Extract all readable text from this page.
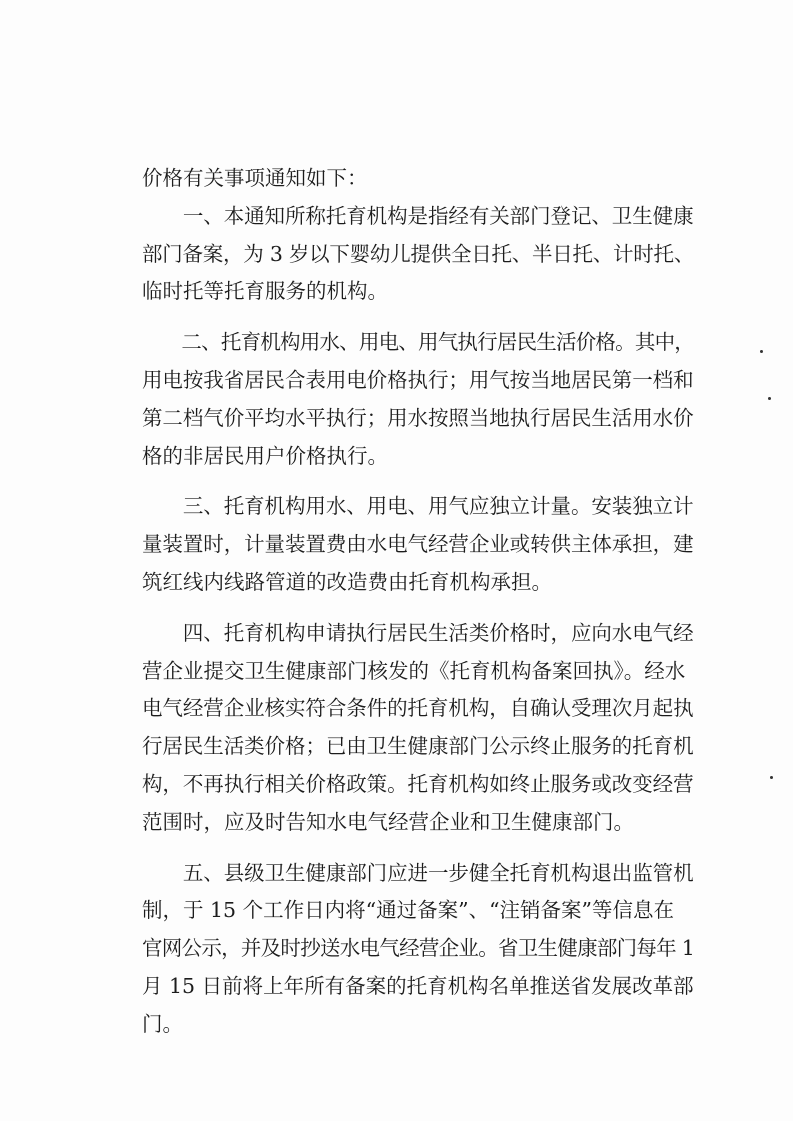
价格有关事项通知如下：
　　一、本通知所称托育机构是指经有关部门登记、卫生健康
部门备案，为 3 岁以下婴幼儿提供全日托、半日托、计时托、
临时托等托育服务的机构。
　　二、托育机构用水、用电、用气执行居民生活价格。其中，
用电按我省居民合表用电价格执行；用气按当地居民第一档和
第二档气价平均水平执行；用水按照当地执行居民生活用水价
格的非居民用户价格执行。
　　三、托育机构用水、用电、用气应独立计量。安装独立计
量装置时，计量装置费由水电气经营企业或转供主体承担，建
筑红线内线路管道的改造费由托育机构承担。
　　四、托育机构申请执行居民生活类价格时，应向水电气经
营企业提交卫生健康部门核发的《托育机构备案回执》。经水
电气经营企业核实符合条件的托育机构，自确认受理次月起执
行居民生活类价格；已由卫生健康部门公示终止服务的托育机
构，不再执行相关价格政策。托育机构如终止服务或改变经营
范围时，应及时告知水电气经营企业和卫生健康部门。
　　五、县级卫生健康部门应进一步健全托育机构退出监管机
制，于 15 个工作日内将“通过备案”、“注销备案”等信息在
官网公示，并及时抄送水电气经营企业。省卫生健康部门每年 1
月 15 日前将上年所有备案的托育机构名单推送省发展改革部
门。
